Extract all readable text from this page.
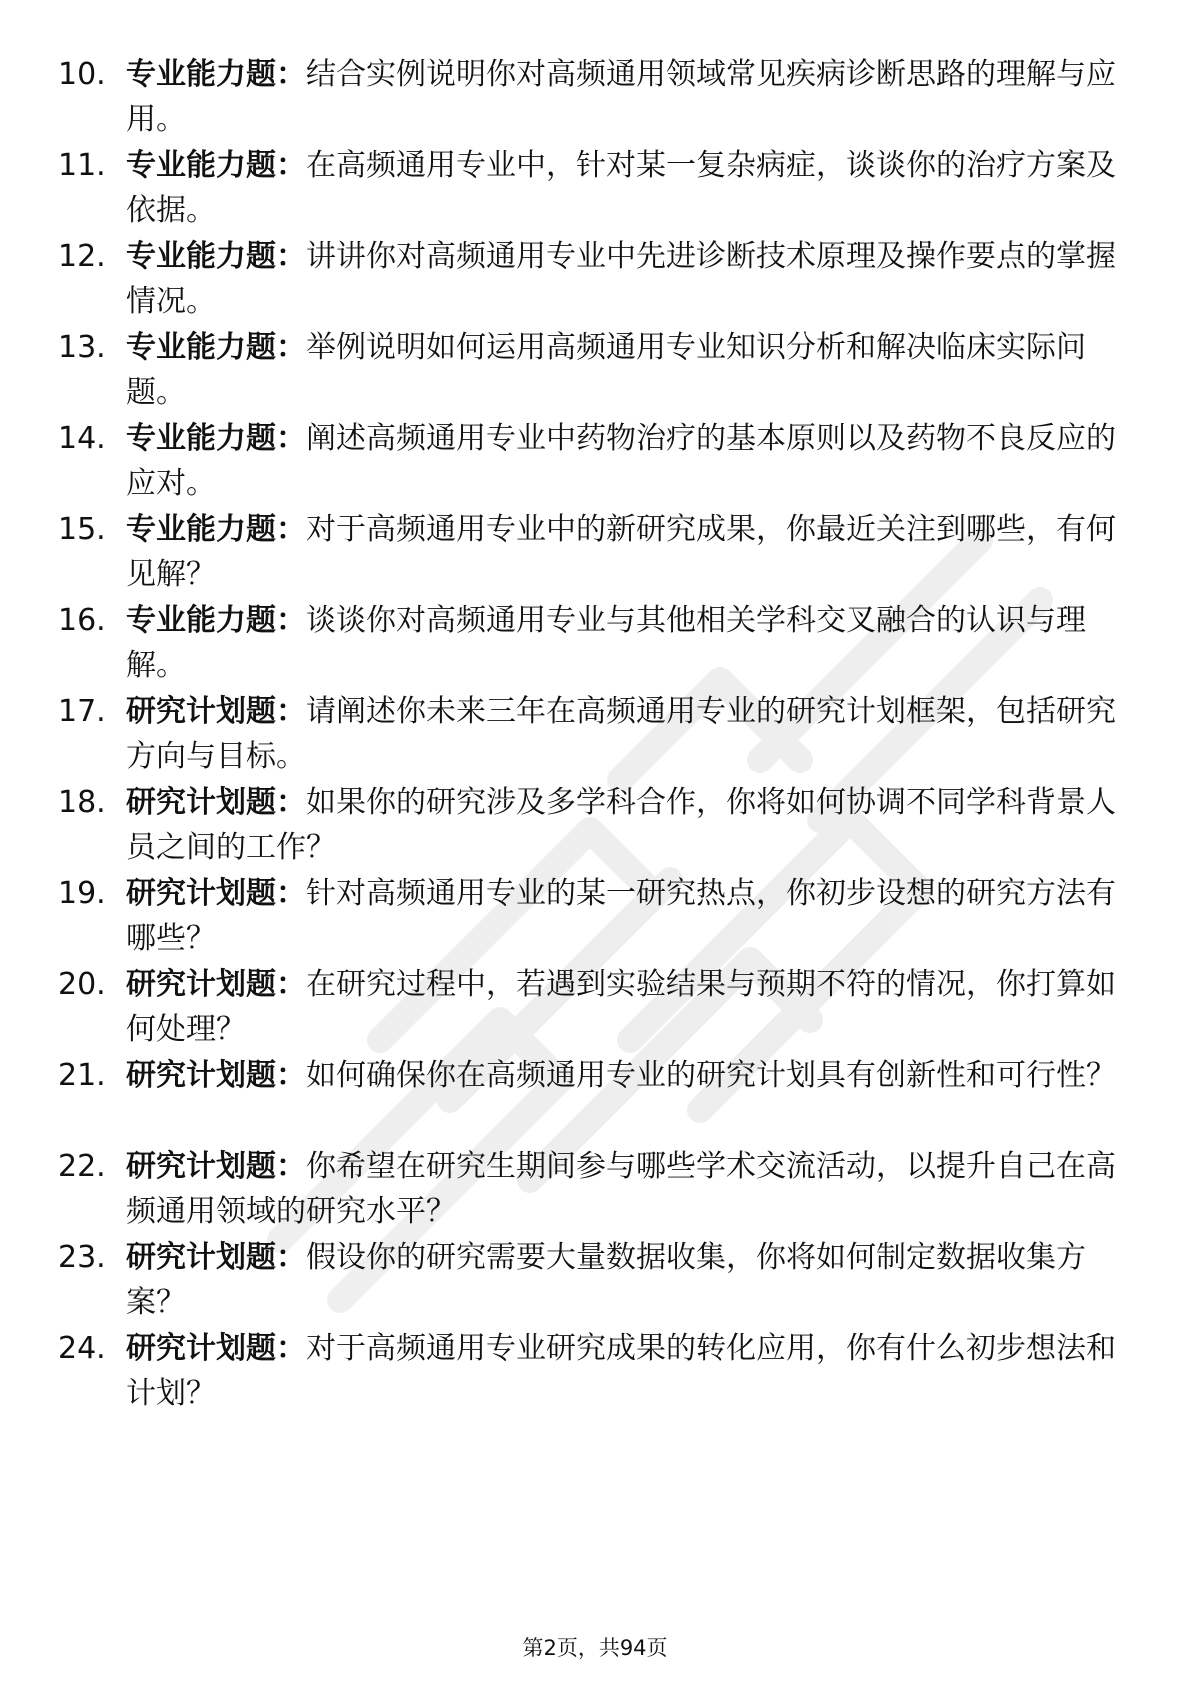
10. 专业能力题：结合实例说明你对高频通用领域常见疾病诊断思路的理解与应用。
11. 专业能力题：在高频通用专业中，针对某一复杂病症，谈谈你的治疗方案及依据。
12. 专业能力题：讲讲你对高频通用专业中先进诊断技术原理及操作要点的掌握情况。
13. 专业能力题：举例说明如何运用高频通用专业知识分析和解决临床实际问题。
14. 专业能力题：阐述高频通用专业中药物治疗的基本原则以及药物不良反应的应对。
15. 专业能力题：对于高频通用专业中的新研究成果，你最近关注到哪些，有何见解？
16. 专业能力题：谈谈你对高频通用专业与其他相关学科交叉融合的认识与理解。
17. 研究计划题：请阐述你未来三年在高频通用专业的研究计划框架，包括研究方向与目标。
18. 研究计划题：如果你的研究涉及多学科合作，你将如何协调不同学科背景人员之间的工作？
19. 研究计划题：针对高频通用专业的某一研究热点，你初步设想的研究方法有哪些？
20. 研究计划题：在研究过程中，若遇到实验结果与预期不符的情况，你打算如何处理？
21. 研究计划题：如何确保你在高频通用专业的研究计划具有创新性和可行性？
22. 研究计划题：你希望在研究生期间参与哪些学术交流活动，以提升自己在高频通用领域的研究水平？
23. 研究计划题：假设你的研究需要大量数据收集，你将如何制定数据收集方案？
24. 研究计划题：对于高频通用专业研究成果的转化应用，你有什么初步想法和计划？
第2页，共94页
